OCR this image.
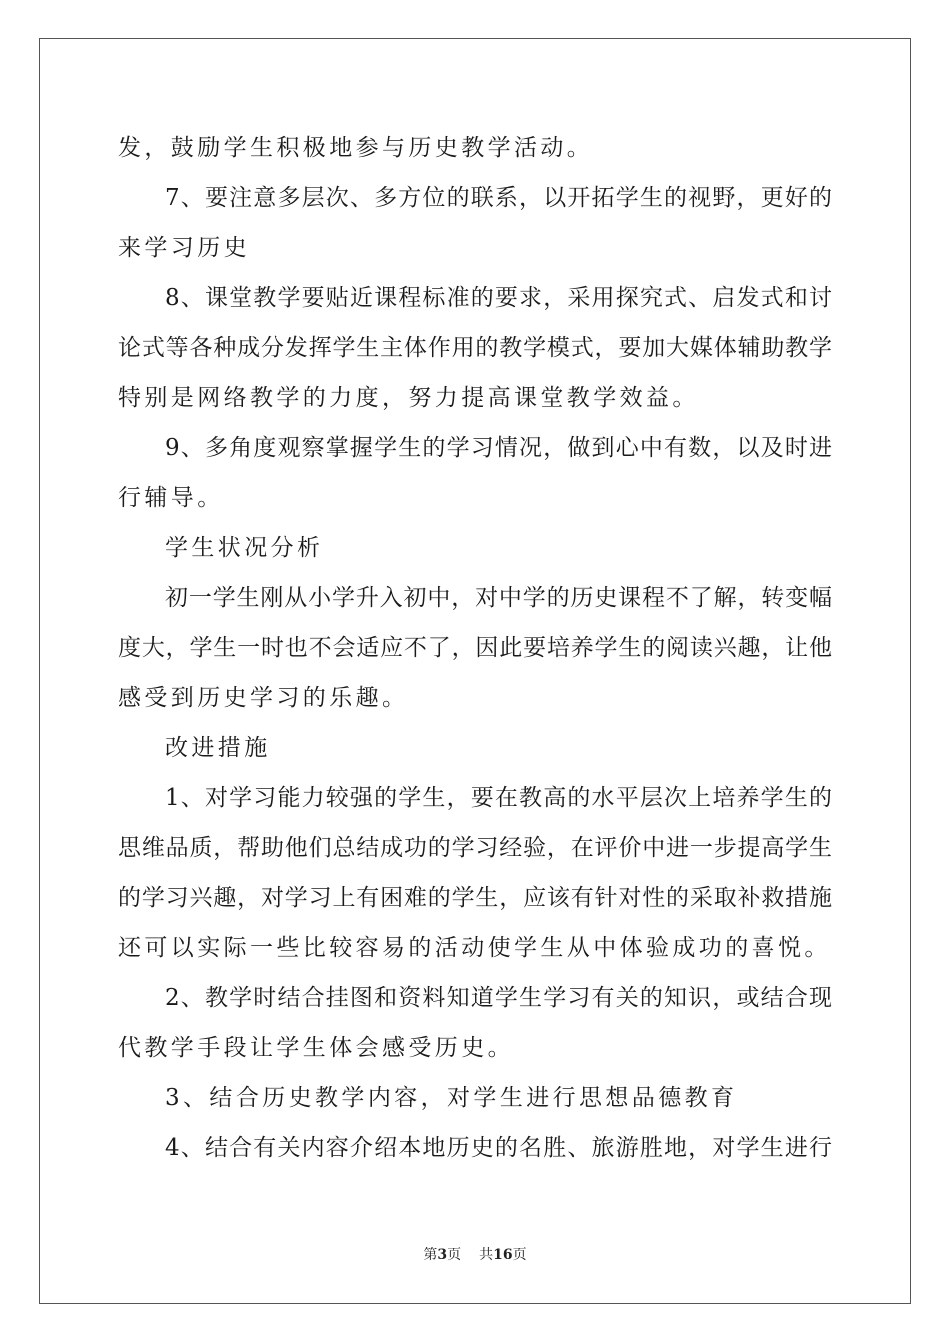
发，鼓励学生积极地参与历史教学活动。
7、要注意多层次、多方位的联系，以开拓学生的视野，更好的
来学习历史
8、课堂教学要贴近课程标准的要求，采用探究式、启发式和讨
论式等各种成分发挥学生主体作用的教学模式，要加大媒体辅助教学
特别是网络教学的力度，努力提高课堂教学效益。
9、多角度观察掌握学生的学习情况，做到心中有数，以及时进
行辅导。
学生状况分析
初一学生刚从小学升入初中，对中学的历史课程不了解，转变幅
度大，学生一时也不会适应不了，因此要培养学生的阅读兴趣，让他
感受到历史学习的乐趣。
改进措施
1、对学习能力较强的学生，要在教高的水平层次上培养学生的
思维品质，帮助他们总结成功的学习经验，在评价中进一步提高学生
的学习兴趣，对学习上有困难的学生，应该有针对性的采取补救措施
还可以实际一些比较容易的活动使学生从中体验成功的喜悦。
2、教学时结合挂图和资料知道学生学习有关的知识，或结合现
代教学手段让学生体会感受历史。
3、结合历史教学内容，对学生进行思想品德教育
4、结合有关内容介绍本地历史的名胜、旅游胜地，对学生进行
第3页 共16页
